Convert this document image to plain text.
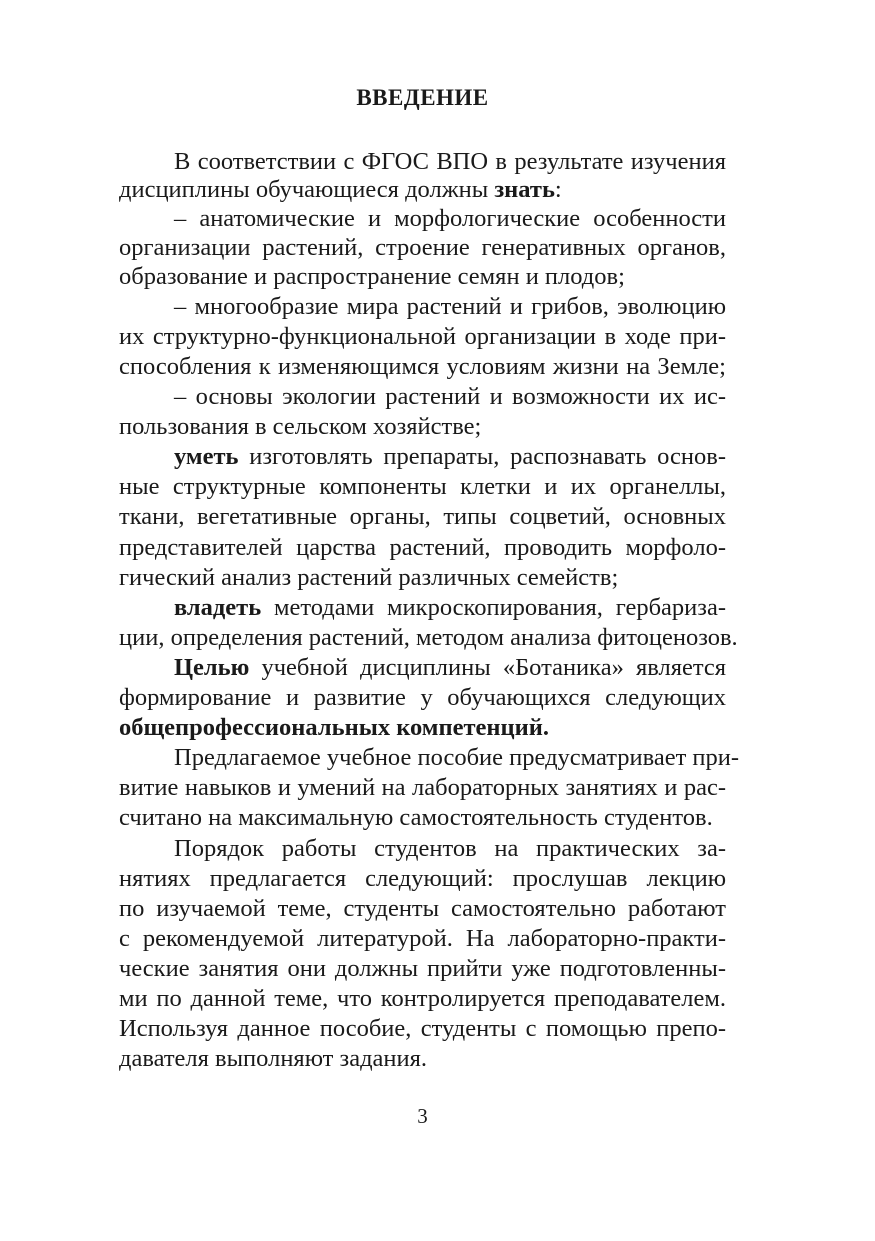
ВВЕДЕНИЕ
В соответствии с ФГОС ВПО в результате изучения
дисциплины обучающиеся должны знать:
– анатомические и морфологические особенности
организации растений, строение генеративных органов,
образование и распространение семян и плодов;
– многообразие мира растений и грибов, эволюцию
их структурно-функциональной организации в ходе при-
способления к изменяющимся условиям жизни на Земле;
– основы экологии растений и возможности их ис-
пользования в сельском хозяйстве;
уметь изготовлять препараты, распознавать основ-
ные структурные компоненты клетки и их органеллы,
ткани, вегетативные органы, типы соцветий, основных
представителей царства растений, проводить морфоло-
гический анализ растений различных семейств;
владеть методами микроскопирования, гербаризa-
ции, определения растений, методом анализа фитоценозов.
Целью учебной дисциплины «Ботаника» является
формирование и развитие у обучающихся следующих
общепрофессиональных компетенций.
Предлагаемое учебное пособие предусматривает при-
витие навыков и умений на лабораторных занятиях и рас-
считано на максимальную самостоятельность студентов.
Порядок работы студентов на практических за-
нятиях предлагается следующий: прослушав лекцию
по изучаемой теме, студенты самостоятельно работают
с рекомендуемой литературой. На лабораторно-практи-
ческие занятия они должны прийти уже подготовленны-
ми по данной теме, что контролируется преподавателем.
Используя данное пособие, студенты с помощью препо-
давателя выполняют задания.
3
